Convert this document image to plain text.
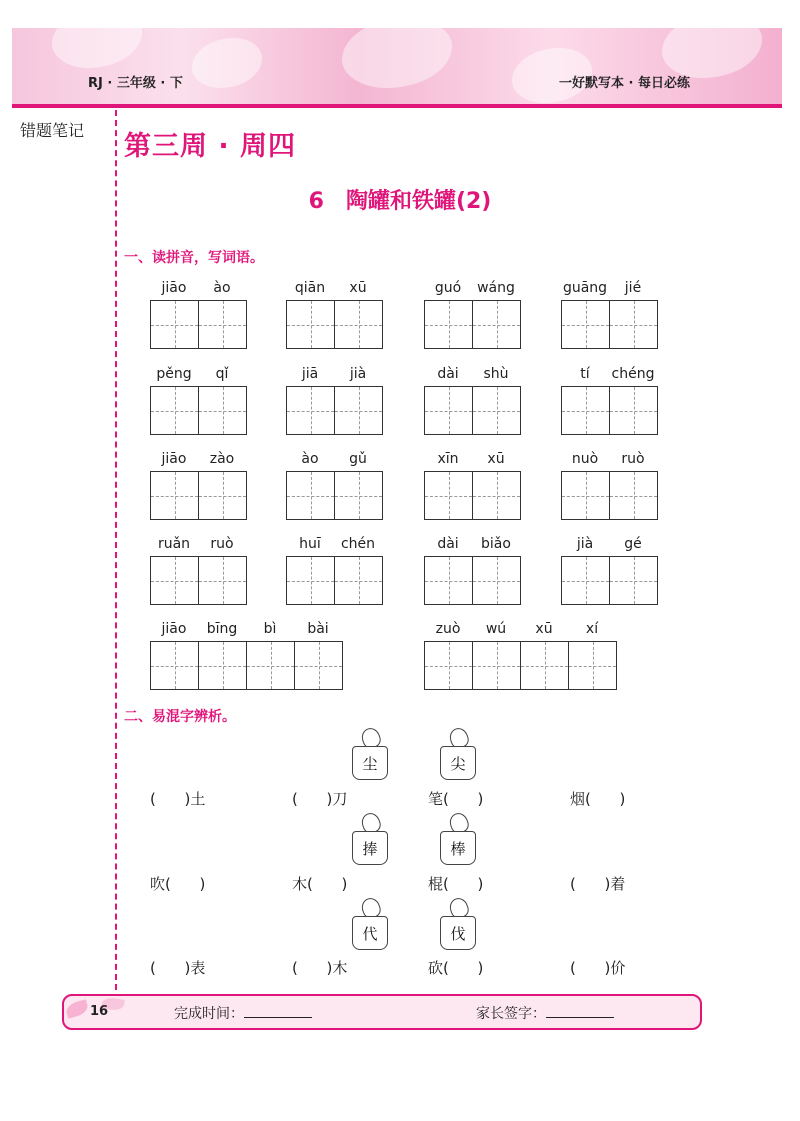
RJ · 三年级 · 下	一好默写本 · 每日必练
错题笔记
第三周 · 周四
6 陶罐和铁罐(2)
一、读拼音，写词语。
jiāo	ào	qiān	xū	guó	wáng	guāng	jié
pěng	qǐ	jiā	jià	dài	shù	tí	chéng
jiāo	zào	ào	gǔ	xīn	xū	nuò	ruò
ruǎn	ruò	huī	chén	dài	biǎo	jià	gé
jiāo	bīng	bì	bài	zuò	wú	xū	xí
二、易混字辨析。
尘	尖
(      )土	(      )刀	笔(      )	烟(      )
捧	棒
吹(      )	木(      )	棍(      )	(      )着
代	伐
(      )表	(      )木	砍(      )	(      )价
16	完成时间：	家长签字：
